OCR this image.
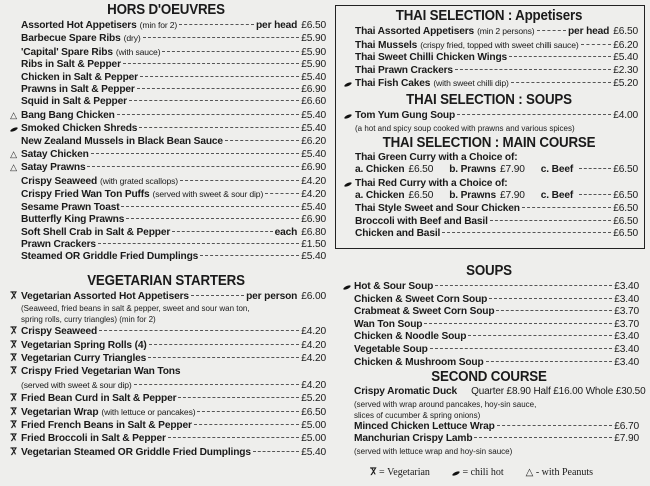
HORS D'OEUVRES
Assorted Hot Appetisers (min for 2)	per head £6.50
Barbecue Spare Ribs (dry)	£5.90
'Capital' Spare Ribs (with sauce)	£5.90
Ribs in Salt & Pepper	£5.90
Chicken in Salt & Pepper	£5.40
Prawns in Salt & Pepper	£6.90
Squid in Salt & Pepper	£6.60
△ Bang Bang Chicken	£5.40
Smoked Chicken Shreds	£5.40
New Zealand Mussels in Black Bean Sauce	£6.20
△ Satay Chicken	£5.40
△ Satay Prawns	£6.90
Crispy Seaweed (with grated scallops)	£4.20
Crispy Fried Wan Ton Puffs (served with sweet & sour dip)	£4.20
Sesame Prawn Toast	£5.40
Butterfly King Prawns	£6.90
Soft Shell Crab in Salt & Pepper	each £6.80
Prawn Crackers	£1.50
Steamed OR Griddle Fried Dumplings	£5.40
VEGETARIAN STARTERS
Ⴟ Vegetarian Assorted Hot Appetisers	per person £6.00
(Seaweed, fried beans in salt & pepper, sweet and sour wan ton,
spring rolls, curry triangles) (min for 2)
Ⴟ Crispy Seaweed	£4.20
Ⴟ Vegetarian Spring Rolls (4)	£4.20
Ⴟ Vegetarian Curry Triangles	£4.20
Ⴟ Crispy Fried Vegetarian Wan Tons
(served with sweet & sour dip)	£4.20
Ⴟ Fried Bean Curd in Salt & Pepper	£5.20
Ⴟ Vegetarian Wrap (with lettuce or pancakes)	£6.50
Ⴟ Fried French Beans in Salt & Pepper	£5.00
Ⴟ Fried Broccoli in Salt & Pepper	£5.00
Ⴟ Vegetarian Steamed OR Griddle Fried Dumplings	£5.40
THAI SELECTION : Appetisers
Thai Assorted Appetisers (min 2 persons)	per head £6.50
Thai Mussels (crispy fried, topped with sweet chilli sauce)	£6.20
Thai Sweet Chilli Chicken Wings	£5.40
Thai Prawn Crackers	£2.30
Thai Fish Cakes (with sweet chilli dip)	£5.20
THAI SELECTION : SOUPS
Tom Yum Gung Soup	£4.00
(a hot and spicy soup cooked with prawns and various spices)
THAI SELECTION : MAIN COURSE
Thai Green Curry with a Choice of:
a. Chicken £6.50 b. Prawns £7.90 c. Beef	£6.50
Thai Red Curry with a Choice of:
a. Chicken £6.50 b. Prawns £7.90 c. Beef	£6.50
Thai Style Sweet and Sour Chicken	£6.50
Broccoli with Beef and Basil	£6.50
Chicken and Basil	£6.50
SOUPS
Hot & Sour Soup	£3.40
Chicken & Sweet Corn Soup	£3.40
Crabmeat & Sweet Corn Soup	£3.70
Wan Ton Soup	£3.70
Chicken & Noodle Soup	£3.40
Vegetable Soup	£3.40
Chicken & Mushroom Soup	£3.40
SECOND COURSE
Crispy Aromatic Duck Quarter £8.90 Half £16.00 Whole £30.50
(served with wrap around pancakes, hoy-sin sauce,
slices of cucumber & spring onions)
Minced Chicken Lettuce Wrap	£6.70
Manchurian Crispy Lamb	£7.90
(served with lettuce wrap and hoy-sin sauce)
Ⴟ = Vegetarian	= chili hot △ - with Peanuts
